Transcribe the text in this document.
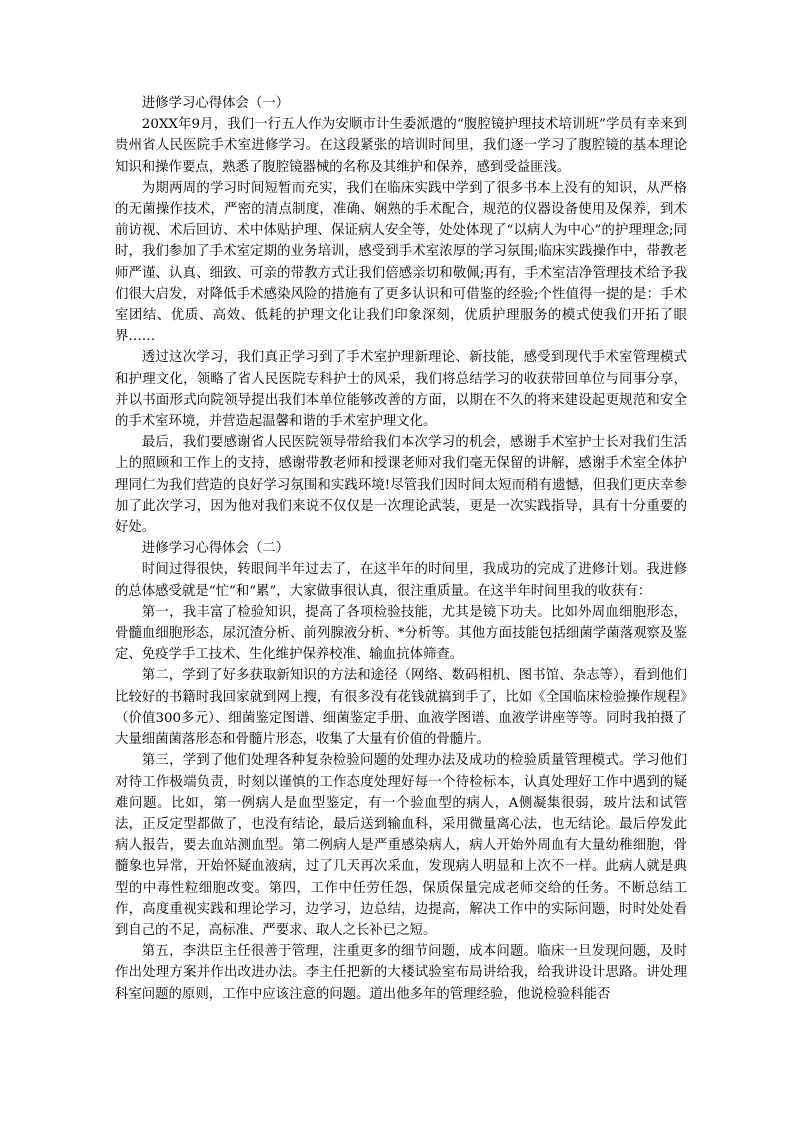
进修学习心得体会（一）

20XX年9月，我们一行五人作为安顺市计生委派遣的“腹腔镜护理技术培训班”学员有幸来到贵州省人民医院手术室进修学习。在这段紧张的培训时间里，我们逐一学习了腹腔镜的基本理论知识和操作要点，熟悉了腹腔镜器械的名称及其维护和保养，感到受益匪浅。

为期两周的学习时间短暂而充实，我们在临床实践中学到了很多书本上没有的知识，从严格的无菌操作技术，严密的清点制度，准确、娴熟的手术配合，规范的仪器设备使用及保养，到术前访视、术后回访、术中体贴护理、保证病人安全等，处处体现了“以病人为中心”的护理理念;同时，我们参加了手术室定期的业务培训，感受到手术室浓厚的学习氛围;临床实践操作中，带教老师严谨、认真、细致、可亲的带教方式让我们倍感亲切和敬佩;再有，手术室洁净管理技术给予我们很大启发，对降低手术感染风险的措施有了更多认识和可借鉴的经验;个性值得一提的是：手术室团结、优质、高效、低耗的护理文化让我们印象深刻，优质护理服务的模式使我们开拓了眼界……

透过这次学习，我们真正学习到了手术室护理新理论、新技能，感受到现代手术室管理模式和护理文化，领略了省人民医院专科护士的风采，我们将总结学习的收获带回单位与同事分享，并以书面形式向院领导提出我们本单位能够改善的方面，以期在不久的将来建设起更规范和安全的手术室环境，并营造起温馨和谐的手术室护理文化。

最后，我们要感谢省人民医院领导带给我们本次学习的机会，感谢手术室护士长对我们生活上的照顾和工作上的支持，感谢带教老师和授课老师对我们毫无保留的讲解，感谢手术室全体护理同仁为我们营造的良好学习氛围和实践环境!尽管我们因时间太短而稍有遗憾，但我们更庆幸参加了此次学习，因为他对我们来说不仅仅是一次理论武装，更是一次实践指导，具有十分重要的好处。

进修学习心得体会（二）

时间过得很快，转眼间半年过去了，在这半年的时间里，我成功的完成了进修计划。我进修的总体感受就是“忙”和“累”，大家做事很认真，很注重质量。在这半年时间里我的收获有：

第一，我丰富了检验知识，提高了各项检验技能，尤其是镜下功夫。比如外周血细胞形态，骨髓血细胞形态，尿沉渣分析、前列腺液分析、*分析等。其他方面技能包括细菌学菌落观察及鉴定、免疫学手工技术、生化维护保养校准、输血抗体筛查。

第二，学到了好多获取新知识的方法和途径（网络、数码相机、图书馆、杂志等），看到他们比较好的书籍时我回家就到网上搜，有很多没有花钱就搞到手了，比如《全国临床检验操作规程》（价值300多元）、细菌鉴定图谱、细菌鉴定手册、血液学图谱、血液学讲座等等。同时我拍摄了大量细菌菌落形态和骨髓片形态，收集了大量有价值的骨髓片。

第三，学到了他们处理各种复杂检验问题的处理办法及成功的检验质量管理模式。学习他们对待工作极端负责，时刻以谨慎的工作态度处理好每一个待检标本，认真处理好工作中遇到的疑难问题。比如，第一例病人是血型鉴定，有一个验血型的病人，A侧凝集很弱，玻片法和试管法，正反定型都做了，也没有结论，最后送到输血科，采用微量离心法，也无结论。最后停发此病人报告，要去血站测血型。第二例病人是严重感染病人，病人开始外周血有大量幼稚细胞，骨髓象也异常，开始怀疑血液病，过了几天再次采血，发现病人明显和上次不一样。此病人就是典型的中毒性粒细胞改变。第四，工作中任劳任怨，保质保量完成老师交给的任务。不断总结工作，高度重视实践和理论学习，边学习，边总结，边提高，解决工作中的实际问题，时时处处看到自己的不足，高标准、严要求、取人之长补已之短。

第五，李洪臣主任很善于管理，注重更多的细节问题，成本问题。临床一旦发现问题，及时作出处理方案并作出改进办法。李主任把新的大楼试验室布局讲给我，给我讲设计思路。讲处理科室问题的原则，工作中应该注意的问题。道出他多年的管理经验，他说检验科能否
